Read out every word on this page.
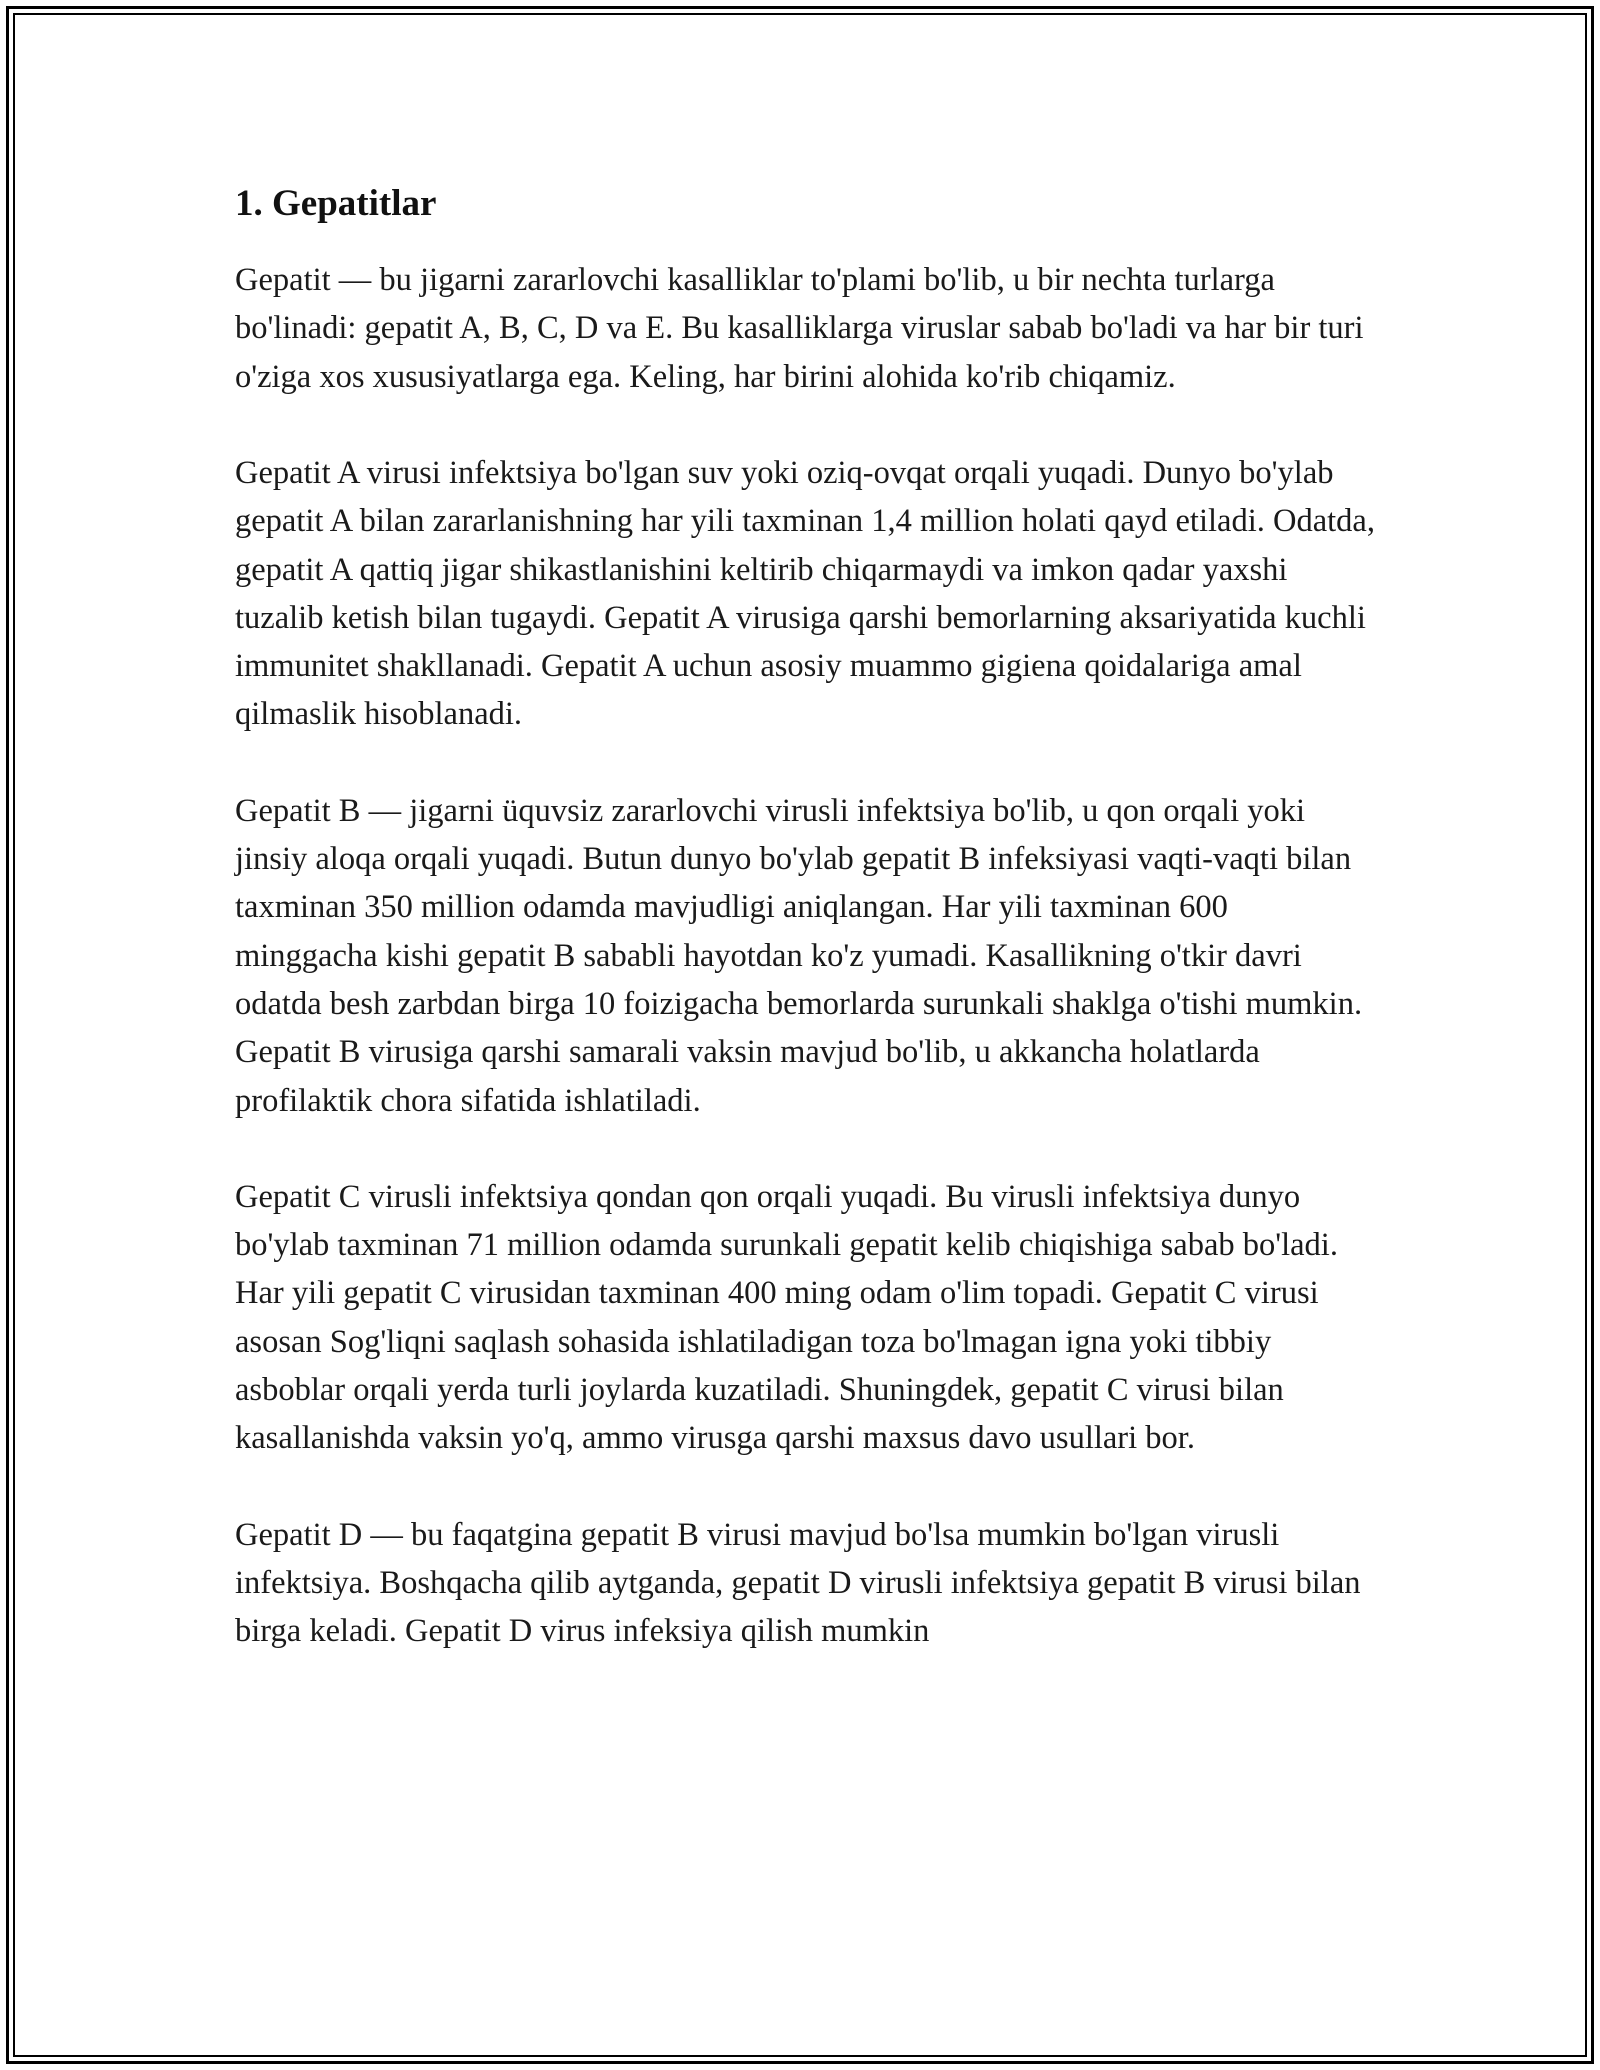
1. Gepatitlar

Gepatit — bu jigarni zararlovchi kasalliklar to'plami bo'lib, u bir nechta turlarga bo'linadi: gepatit A, B, C, D va E. Bu kasalliklarga viruslar sabab bo'ladi va har bir turi o'ziga xos xususiyatlarga ega. Keling, har birini alohida ko'rib chiqamiz.

Gepatit A virusi infektsiya bo'lgan suv yoki oziq-ovqat orqali yuqadi. Dunyo bo'ylab gepatit A bilan zararlanishning har yili taxminan 1,4 million holati qayd etiladi. Odatda, gepatit A qattiq jigar shikastlanishini keltirib chiqarmaydi va imkon qadar yaxshi tuzalib ketish bilan tugaydi. Gepatit A virusiga qarshi bemorlarning aksariyatida kuchli immunitet shakllanadi. Gepatit A uchun asosiy muammo gigiena qoidalariga amal qilmaslik hisoblanadi.

Gepatit B — jigarni üquvsiz zararlovchi virusli infektsiya bo'lib, u qon orqali yoki jinsiy aloqa orqali yuqadi. Butun dunyo bo'ylab gepatit B infeksiyasi vaqti-vaqti bilan taxminan 350 million odamda mavjudligi aniqlangan. Har yili taxminan 600 minggacha kishi gepatit B sababli hayotdan ko'z yumadi. Kasallikning o'tkir davri odatda besh zarbdan birga 10 foizigacha bemorlarda surunkali shaklga o'tishi mumkin. Gepatit B virusiga qarshi samarali vaksin mavjud bo'lib, u akkancha holatlarda profilaktik chora sifatida ishlatiladi.

Gepatit C virusli infektsiya qondan qon orqali yuqadi. Bu virusli infektsiya dunyo bo'ylab taxminan 71 million odamda surunkali gepatit kelib chiqishiga sabab bo'ladi. Har yili gepatit C virusidan taxminan 400 ming odam o'lim topadi. Gepatit C virusi asosan Sog'liqni saqlash sohasida ishlatiladigan toza bo'lmagan igna yoki tibbiy asboblar orqali yerda turli joylarda kuzatiladi. Shuningdek, gepatit C virusi bilan kasallanishda vaksin yo'q, ammo virusga qarshi maxsus davo usullari bor.

Gepatit D — bu faqatgina gepatit B virusi mavjud bo'lsa mumkin bo'lgan virusli infektsiya. Boshqacha qilib aytganda, gepatit D virusli infektsiya gepatit B virusi bilan birga keladi. Gepatit D virus infeksiya qilish mumkin
